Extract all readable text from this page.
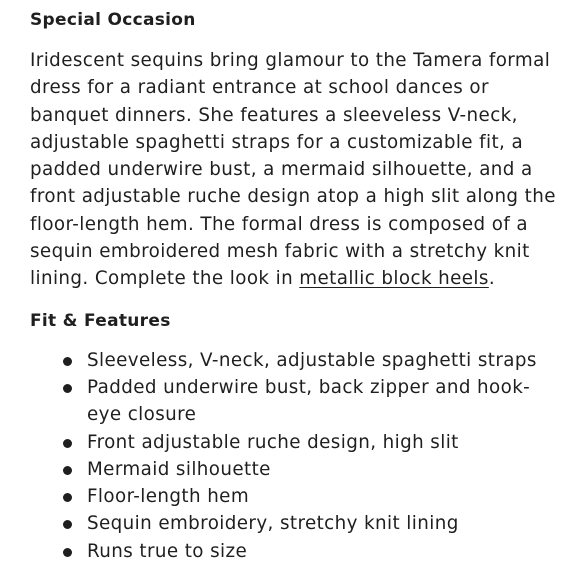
Special Occasion

Iridescent sequins bring glamour to the Tamera formal dress for a radiant entrance at school dances or banquet dinners. She features a sleeveless V-neck, adjustable spaghetti straps for a customizable fit, a padded underwire bust, a mermaid silhouette, and a front adjustable ruche design atop a high slit along the floor-length hem. The formal dress is composed of a sequin embroidered mesh fabric with a stretchy knit lining. Complete the look in metallic block heels.

Fit & Features
Sleeveless, V-neck, adjustable spaghetti straps
Padded underwire bust, back zipper and hook-eye closure
Front adjustable ruche design, high slit
Mermaid silhouette
Floor-length hem
Sequin embroidery, stretchy knit lining
Runs true to size
